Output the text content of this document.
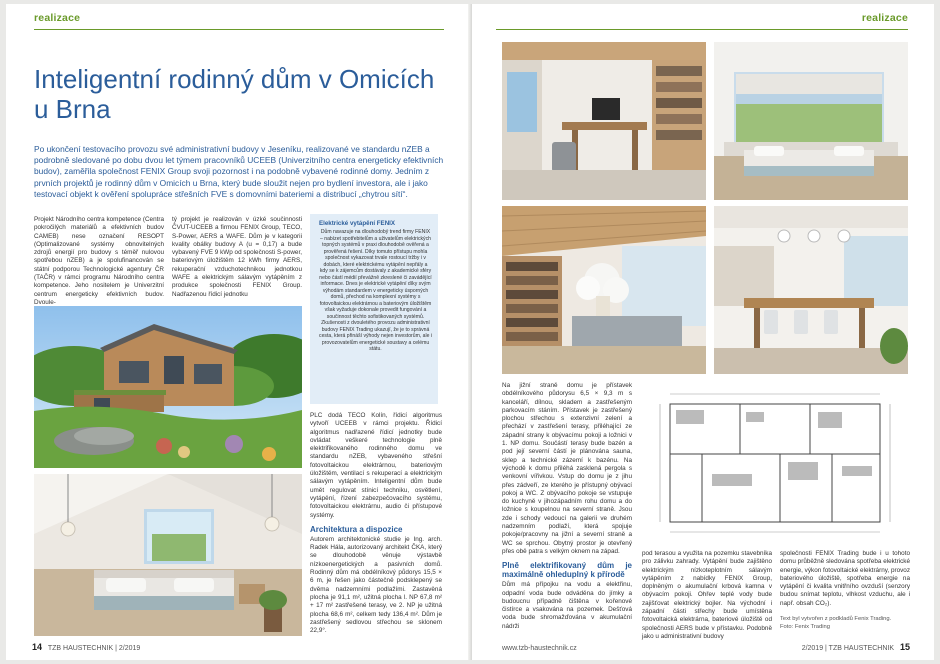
realizace
Inteligentní rodinný dům v Omicích u Brna
Po ukončení testovacího provozu své administrativní budovy v Jeseníku, realizované ve standardu nZEB a podrobně sledované po dobu dvou let týmem pracovníků UCEEB (Univerzitního centra energeticky efektivních budov), zaměřila společnost FENIX Group svoji pozornost i na podobně vybavené rodinné domy. Jedním z prvních projektů je rodinný dům v Omicích u Brna, který bude sloužit nejen pro bydlení investora, ale i jako testovací objekt k ověření spolupráce střešních FVE s domovními bateriemi a distribucí „chytrou sítí“.

Projekt Národního centra kompetence (Centra pokročilých materiálů a efektivních budov CAMEB) nese označení RESOPT (Optimalizované systémy obnovitelných zdrojů energií pro budovy s téměř nulovou spotřebou nZEB) a je spolufinancován se státní podporou Technologické agentury ČR (TAČR) v rámci programu Národního centra kompetence. Jeho nositelem je Univerzitní centrum energeticky efektivních budov. Dvoule-

tý projekt je realizován v úzké součinnosti ČVUT-UCEEB a firmou FENIX Group, TECO, S-Power, AERS a WAFE. Dům je v kategorii kvality obálky budovy A (u = 0,17) a bude vybavený FVE 9 kWp od společnosti S-power, bateriovým úložištěm 12 kWh firmy AERS, rekuperační vzduchotechnikou jednotkou WAFE a elektrickým sálavým vytápěním z produkce společnosti FENIX Group. Nadřazenou řídicí jednotku

Elektrické vytápění FENIX
Dům navazuje na dlouhodobý trend firmy FENIX – nabízet spotřebitelům a uživatelům elektrických topných systémů v praxi dlouhodobě ověřená a prověřená řešení. Díky tomuto přístupu mohla společnost vykazovat trvale rostoucí tržby i v dobách, které elektrickému vytápění nepřály a kdy se k zájemcům dostávaly z akademické sféry nebo částí médií převážně zkreslené či zavádějící informace. Dnes je elektrické vytápění díky svým výhodám standardem v energeticky úsporných domů, přechod na komplexní systémy s fotovoltaickou elektrárnou a bateriovým úložištěm však vyžaduje dokonale provedit fungování a součinnost těchto sofistikovaných systémů. Zkušenosti z dvouletého provozu administrativní budovy FENIX Trading ukazují, že je to správná cesta, která přináší výhody nejen investorům, ale i provozovatelům energetické soustavy a celému státu.

PLC dodá TECO Kolín, řídicí algoritmus vytvoří UCEEB v rámci projektu. Řídicí algoritmus nadřazené řídicí jednotky bude ovládat veškeré technologie plně elektrifikovaného rodinného domu ve standardu nZEB, vybaveného střešní fotovoltaickou elektrárnou, bateriovým úložištěm, ventilací s rekuperací a elektrickým sálavým vytápěním. Inteligentní dům bude umět regulovat stínicí techniku, osvětlení, vytápění, řízení zabezpečovacího systému, fotovoltaickou elektrárnu, audio či přístupové systémy.

Architektura a dispozice

Autorem architektonické studie je Ing. arch. Radek Hála, autorizovaný architekt ČKA, který se dlouhodobě věnuje výstavbě nízkoenergetických a pasivních domů. Rodinný dům má obdélníkový půdorys 15,5 × 6 m, je řešen jako částečně podsklepený se dvěma nadzemními podlažími. Zastavěná plocha je 91,1 m², užitná plocha l. NP 67,8 m² + 17 m² zastřešené terasy, ve 2. NP je užitná plocha 68,6 m², celkem tedy 136,4 m². Dům je zastřešený sedlovou střechou se sklonem 22,9°.

14 TZB HAUSTECHNIK | 2/2019
realizace

Na jižní straně domu je přístavek obdélníkového půdorysu 6,5 × 9,3 m s kanceláří, dílnou, skladem a zastřešeným parkovacím stáním. Přístavek je zastřešený plochou střechou s extenzivní zelení a přechází v zastřešení terasy, přiléhající ze západní strany k obývacímu pokoji a ložnici v 1. NP domu. Součástí terasy bude bazén a pod její severní částí je plánována sauna, sklep a technické zázemí k bazénu. Na východě k domu přiléhá zasklená pergola s venkovní vířivkou. Vstup do domu je z jihu přes zádveří, ze kterého je přístupný obývací pokoj a WC. Z obývacího pokoje se vstupuje do kuchyně v jihozápadním rohu domu a do ložnice s koupelnou na severní straně. Jsou zde i schody vedoucí na galerii ve druhém nadzemním podlaží, která spojuje pokoje/pracovny na jižní a severní straně a WC se sprchou. Obytný prostor je otevřený přes obě patra s velkým oknem na západ.

Plně elektrifikovaný dům je maximálně ohleduplný k přírodě

Dům má přípojku na vodu a elektřinu, odpadní voda bude odváděna do jímky a budoucnu případně čištěna v kořenové čistírce a vsakována na pozemek. Dešťová voda bude shromažďována v akumulační nádrži

pod terasou a využita na pozemku stavebníka pro zálivku zahrady. Vytápění bude zajištěno elektrickým nízkoteplotním sálavým vytápěním z nabídky FENIX Group, doplněným o akumulační krbová kamna v obývacím pokoji. Ohřev teplé vody bude zajišťovat elektrický bojler. Na východní i západní části střechy bude umístěna fotovoltaická elektrárna, bateriové úložiště od společnosti AERS bude v přístavku. Podobně jako u administrativní budovy

společnosti FENIX Trading bude i u tohoto domu průběžně sledována spotřeba elektrické energie, výkon fotovoltaické elektrárny, provoz bateriového úložiště, spotřeba energie na vytápění či kvalita vnitřního ovzduší (senzory budou snímat teplotu, vlhkost vzduchu, ale i např. obsah CO₂).

Text byl vytvořen z podkladů Fenix Trading.
Foto: Fenix Trading
www.tzb-haustechnik.cz	2/2019 | TZB HAUSTECHNIK 15
